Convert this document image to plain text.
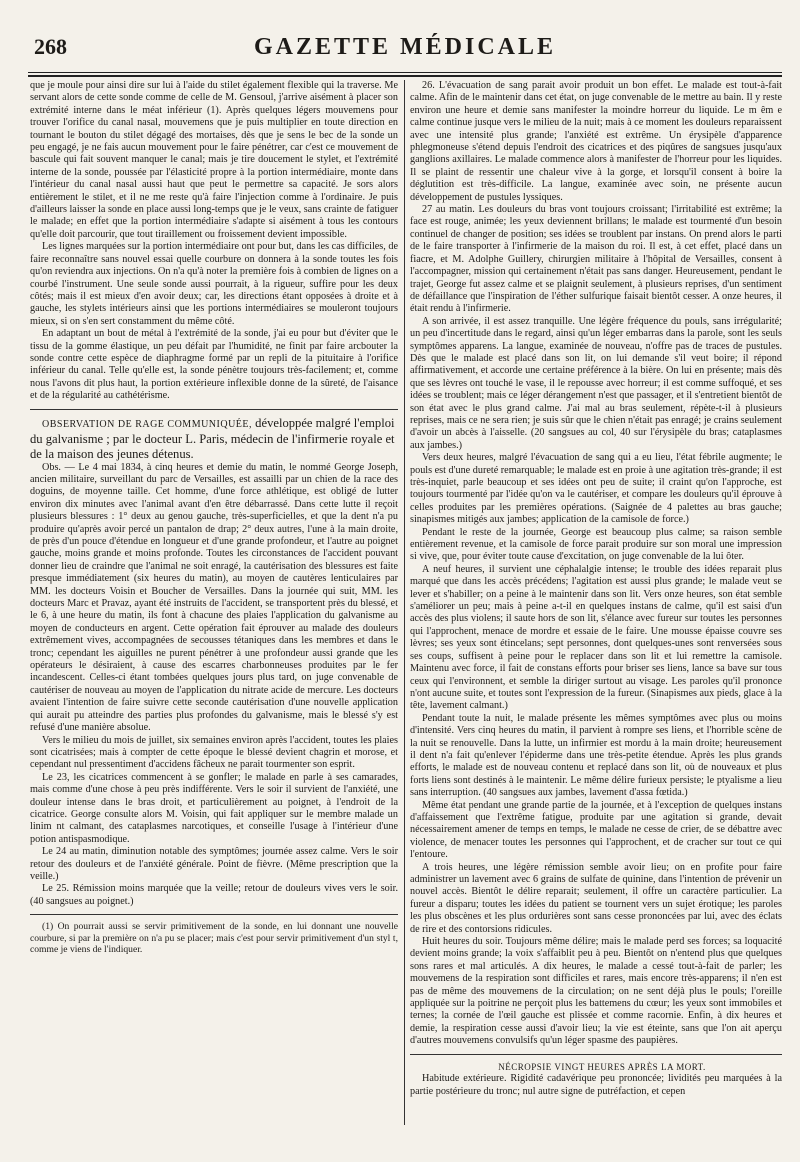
268	GAZETTE MÉDICALE

que je moule pour ainsi dire sur lui à l'aide du stilet également flexible qui la traverse. Me servant alors de cette sonde comme de celle de M. Gensoul, j'arrive aisément à placer son extrémité interne dans le méat inférieur (1). Après quelques légers mouvemens pour trouver l'orifice du canal nasal, mouvemens que je puis multiplier en toute direction en tournant le bouton du stilet dégagé des mortaises, dès que je sens le bec de la sonde un peu engagé, je ne fais aucun mouvement pour le faire pénétrer, car c'est ce mouvement de bascule qui fait souvent manquer le canal; mais je tire doucement le stylet, et l'extrémité interne de la sonde, poussée par l'élasticité propre à la portion intermédiaire, monte dans l'intérieur du canal nasal aussi haut que peut le permettre sa capacité. Je sors alors entièrement le stilet, et il ne me reste qu'à faire l'injection comme à l'ordinaire. Je puis d'ailleurs laisser la sonde en place aussi long-temps que je le veux, sans crainte de fatiguer le malade; en effet que la portion intermédiaire s'adapte si aisément à tous les contours qu'elle doit parcourir, que tout tiraillement ou froissement devient impossible.

Les lignes marquées sur la portion intermédiaire ont pour but, dans les cas difficiles, de faire reconnaître sans nouvel essai quelle courbure on donnera à la sonde toutes les fois qu'on reviendra aux injections. On n'a qu'à noter la première fois à combien de lignes on a courbé l'instrument. Une seule sonde aussi pourrait, à la rigueur, suffire pour les deux côtés; mais il est mieux d'en avoir deux; car, les directions étant opposées à droite et à gauche, les stylets intérieurs ainsi que les portions intermédiaires se mouleront toujours mieux, si on s'en sert constamment du même côté.

En adaptant un bout de métal à l'extrémité de la sonde, j'ai eu pour but d'éviter que le tissu de la gomme élastique, un peu défait par l'humidité, ne finit par faire arcbouter la sonde contre cette espèce de diaphragme formé par un repli de la pituitaire à l'orifice inférieur du canal. Telle qu'elle est, la sonde pénètre toujours très-facilement; et, comme nous l'avons dit plus haut, la portion extérieure inflexible donne de la sûreté, de l'aisance et de la régularité au cathétérisme.

OBSERVATION DE RAGE COMMUNIQUÉE, développée malgré l'emploi du galvanisme ; par le docteur L. Paris, médecin de l'infirmerie royale et de la maison des jeunes détenus.

Obs. — Le 4 mai 1834, à cinq heures et demie du matin, le nommé George Joseph, ancien militaire, surveillant du parc de Versailles, est assailli par un chien de la race des doguins, de moyenne taille. Cet homme, d'une force athlétique, est obligé de lutter environ dix minutes avec l'animal avant d'en être débarrassé. Dans cette lutte il reçoit plusieurs blessures : 1° deux au genou gauche, très-superficielles, et que la dent n'a pu produire qu'après avoir percé un pantalon de drap; 2° deux autres, l'une à la main droite, de près d'un pouce d'étendue en longueur et d'une grande profondeur, et l'autre au poignet gauche, moins grande et moins profonde. Toutes les circonstances de l'accident pouvant donner lieu de craindre que l'animal ne soit enragé, la cautérisation des blessures est faite presque immédiatement (six heures du matin), au moyen de cautères lenticulaires par MM. les docteurs Voisin et Boucher de Versailles. Dans la journée qui suit, MM. les docteurs Marc et Pravaz, ayant été instruits de l'accident, se transportent près du blessé, et le 6, à une heure du matin, ils font à chacune des plaies l'application du galvanisme au moyen de conducteurs en argent. Cette opération fait éprouver au malade des douleurs extrêmement vives, accompagnées de secousses tétaniques dans les membres et dans le tronc; cependant les aiguilles ne purent pénétrer à une profondeur aussi grande que les opérateurs le désiraient, à cause des escarres charbonneuses produites par le fer incandescent. Celles-ci étant tombées quelques jours plus tard, on juge convenable de cautériser de nouveau au moyen de l'application du nitrate acide de mercure. Les docteurs avaient l'intention de faire suivre cette seconde cautérisation d'une nouvelle application qui aurait pu atteindre des parties plus profondes du galvanisme, mais le blessé s'y est refusé d'une manière absolue.

Vers le milieu du mois de juillet, six semaines environ après l'accident, toutes les plaies sont cicatrisées; mais à compter de cette époque le blessé devient chagrin et morose, et cependant nul pressentiment d'accidens fâcheux ne parait tourmenter son esprit.

Le 23, les cicatrices commencent à se gonfler; le malade en parle à ses camarades, mais comme d'une chose à peu près indifférente. Vers le soir il survient de l'anxiété, une douleur intense dans le bras droit, et particulièrement au poignet, à l'endroit de la cicatrice. George consulte alors M. Voisin, qui fait appliquer sur le membre malade un linim nt calmant, des cataplasmes narcotiques, et conseille l'usage à l'intérieur d'une potion antispasmodique.

Le 24 au matin, diminution notable des symptômes; journée assez calme. Vers le soir retour des douleurs et de l'anxiété générale. Point de fièvre. (Même prescription que la veille.)

Le 25. Rémission moins marquée que la veille; retour de douleurs vives vers le soir. (40 sangsues au poignet.)

(1) On pourrait aussi se servir primitivement de la sonde, en lui donnant une nouvelle courbure, si par la première on n'a pu se placer; mais c'est pour servir primitivement d'un styl t, comme je viens de l'indiquer.

26. L'évacuation de sang parait avoir produit un bon effet. Le malade est tout-à-fait calme. Afin de le maintenir dans cet état, on juge convenable de le mettre au bain. Il y reste environ une heure et demie sans manifester la moindre horreur du liquide. Le m êm e calme continue jusque vers le milieu de la nuit; mais à ce moment les douleurs reparaissent avec une intensité plus grande; l'anxiété est extrême. Un érysipèle d'apparence phlegmoneuse s'étend depuis l'endroit des cicatrices et des piqûres de sangsues jusqu'aux ganglions axillaires. Le malade commence alors à manifester de l'horreur pour les liquides. Il se plaint de ressentir une chaleur vive à la gorge, et lorsqu'il consent à boire la déglutition est très-difficile. La langue, examinée avec soin, ne présente aucun développement de pustules lyssiques.

27 au matin. Les douleurs du bras vont toujours croissant; l'irritabilité est extrême; la face est rouge, animée; les yeux deviennent brillans; le malade est tourmenté d'un besoin continuel de changer de position; ses idées se troublent par instans. On prend alors le parti de le faire transporter à l'infirmerie de la maison du roi. Il est, à cet effet, placé dans un fiacre, et M. Adolphe Guillery, chirurgien militaire à l'hôpital de Versailles, consent à l'accompagner, mission qui certainement n'était pas sans danger. Heureusement, pendant le trajet, George fut assez calme et se plaignit seulement, à plusieurs reprises, d'un sentiment de défaillance que l'inspiration de l'éther sulfurique faisait bientôt cesser. A onze heures, il était rendu à l'infirmerie.

A son arrivée, il est assez tranquille. Une légère fréquence du pouls, sans irrégularité; un peu d'incertitude dans le regard, ainsi qu'un léger embarras dans la parole, sont les seuls symptômes apparens. La langue, examinée de nouveau, n'offre pas de traces de pustules. Dès que le malade est placé dans son lit, on lui demande s'il veut boire; il répond affirmativement, et accorde une certaine préférence à la bière. On lui en présente; mais dès que ses lèvres ont touché le vase, il le repousse avec horreur; il est comme suffoqué, et ses idées se troublent; mais ce léger dérangement n'est que passager, et il s'entretient bientôt de son état avec le plus grand calme. J'ai mal au bras seulement, répète-t-il à plusieurs reprises, mais ce ne sera rien; je suis sûr que le chien n'était pas enragé; je crains seulement d'avoir un abcès à l'aisselle. (20 sangsues au col, 40 sur l'érysipèle du bras; cataplasmes aux jambes.)

Vers deux heures, malgré l'évacuation de sang qui a eu lieu, l'état fébrile augmente; le pouls est d'une dureté remarquable; le malade est en proie à une agitation très-grande; il est très-inquiet, parle beaucoup et ses idées ont peu de suite; il craint qu'on l'approche, est toujours tourmenté par l'idée qu'on va le cautériser, et compare les douleurs qu'il éprouve à celles produites par les premières opérations. (Saignée de 4 palettes au bras gauche; sinapismes mitigés aux jambes; application de la camisole de force.)

Pendant le reste de la journée, George est beaucoup plus calme; sa raison semble entièrement revenue, et la camisole de force parait produire sur son moral une impression si vive, que, pour éviter toute cause d'excitation, on juge convenable de la lui ôter.

A neuf heures, il survient une céphalalgie intense; le trouble des idées reparait plus marqué que dans les accès précédens; l'agitation est aussi plus grande; le malade veut se lever et s'habiller; on a peine à le maintenir dans son lit. Vers onze heures, son état semble s'améliorer un peu; mais à peine a-t-il en quelques instans de calme, qu'il est saisi d'un accès des plus violens; il saute hors de son lit, s'élance avec fureur sur toutes les personnes qui l'approchent, menace de mordre et essaie de le faire. Une mousse épaisse couvre ses lèvres; ses yeux sont étincelans; sept personnes, dont quelques-unes sont renversées sous ses coups, suffisent à peine pour le replacer dans son lit et lui remettre la camisole. Maintenu avec force, il fait de constans efforts pour briser ses liens, lance sa bave sur tous ceux qui l'environnent, et semble la diriger surtout au visage. Les paroles qu'il prononce n'ont aucune suite, et toutes sont l'expression de la fureur. (Sinapismes aux pieds, glace à la tête, lavement calmant.)

Pendant toute la nuit, le malade présente les mêmes symptômes avec plus ou moins d'intensité. Vers cinq heures du matin, il parvient à rompre ses liens, et l'horrible scène de la nuit se renouvelle. Dans la lutte, un infirmier est mordu à la main droite; heureusement il dent n'a fait qu'enlever l'épiderme dans une très-petite étendue. Après les plus grands efforts, le malade est de nouveau contenu et replacé dans son lit, où de nouveaux et plus forts liens sont destinés à le maintenir. Le même délire furieux persiste; le ptyalisme a lieu sans interruption. (40 sangsues aux jambes, lavement d'assa fœtida.)

Même état pendant une grande partie de la journée, et à l'exception de quelques instans d'affaissement que l'extrême fatigue, produite par une agitation si grande, devait nécessairement amener de temps en temps, le malade ne cesse de crier, de se débattre avec violence, de menacer toutes les personnes qui l'approchent, et de cracher sur tout ce qui l'entoure.

A trois heures, une légère rémission semble avoir lieu; on en profite pour faire administrer un lavement avec 6 grains de sulfate de quinine, dans l'intention de prévenir un nouvel accès. Bientôt le délire reparait; seulement, il offre un caractère particulier. La fureur a disparu; toutes les idées du patient se tournent vers un sujet érotique; les paroles les plus obscènes et les plus ordurières sont sans cesse prononcées par lui, avec des éclats de rire et des contorsions ridicules.

Huit heures du soir. Toujours même délire; mais le malade perd ses forces; sa loquacité devient moins grande; la voix s'affaiblit peu à peu. Bientôt on n'entend plus que quelques sons rares et mal articulés. A dix heures, le malade a cessé tout-à-fait de parler; les mouvemens de la respiration sont difficiles et rares, mais encore très-apparens; il n'en est pas de même des mouvemens de la circulation; on ne sent déjà plus le pouls; l'oreille appliquée sur la poitrine ne perçoit plus les battemens du cœur; les yeux sont immobiles et ternes; la cornée de l'œil gauche est plissée et comme racornie. Enfin, à dix heures et demie, la respiration cesse aussi d'avoir lieu; la vie est éteinte, sans que l'on ait aperçu d'autres mouvemens convulsifs qu'un léger spasme des paupières.

NÉCROPSIE VINGT HEURES APRÈS LA MORT.

Habitude extérieure. Rigidité cadavérique peu prononcée; lividités peu marquées à la partie postérieure du tronc; nul autre signe de putréfaction, et cepen
